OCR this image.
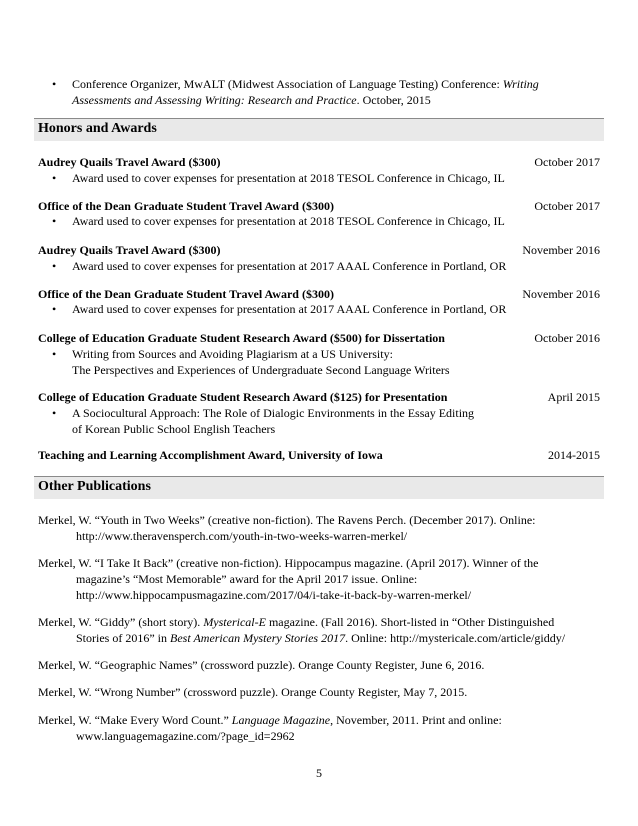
•
Conference Organizer, MwALT (Midwest Association of Language Testing) Conference: Writing
Assessments and Assessing Writing: Research and Practice. October, 2015
Honors and Awards
Audrey Quails Travel Award ($300)	October 2017
•
Award used to cover expenses for presentation at 2018 TESOL Conference in Chicago, IL
Office of the Dean Graduate Student Travel Award ($300)	October 2017
•
Award used to cover expenses for presentation at 2018 TESOL Conference in Chicago, IL
Audrey Quails Travel Award ($300)	November 2016
•
Award used to cover expenses for presentation at 2017 AAAL Conference in Portland, OR
Office of the Dean Graduate Student Travel Award ($300)	November 2016
•
Award used to cover expenses for presentation at 2017 AAAL Conference in Portland, OR
College of Education Graduate Student Research Award ($500) for Dissertation	October 2016
•
Writing from Sources and Avoiding Plagiarism at a US University:
The Perspectives and Experiences of Undergraduate Second Language Writers
College of Education Graduate Student Research Award ($125) for Presentation	April 2015
•
A Sociocultural Approach: The Role of Dialogic Environments in the Essay Editing
of Korean Public School English Teachers
Teaching and Learning Accomplishment Award, University of Iowa	2014-2015
Other Publications
Merkel, W. “Youth in Two Weeks” (creative non-fiction). The Ravens Perch. (December 2017). Online:
http://www.theravensperch.com/youth-in-two-weeks-warren-merkel/
Merkel, W. “I Take It Back” (creative non-fiction). Hippocampus magazine. (April 2017). Winner of the
magazine’s “Most Memorable” award for the April 2017 issue. Online:
http://www.hippocampusmagazine.com/2017/04/i-take-it-back-by-warren-merkel/
Merkel, W. “Giddy” (short story). Mysterical-E magazine. (Fall 2016). Short-listed in “Other Distinguished
Stories of 2016” in Best American Mystery Stories 2017. Online: http://mystericale.com/article/giddy/
Merkel, W. “Geographic Names” (crossword puzzle). Orange County Register, June 6, 2016.
Merkel, W. “Wrong Number” (crossword puzzle). Orange County Register, May 7, 2015.
Merkel, W. “Make Every Word Count.” Language Magazine, November, 2011. Print and online:
www.languagemagazine.com/?page_id=2962
5
